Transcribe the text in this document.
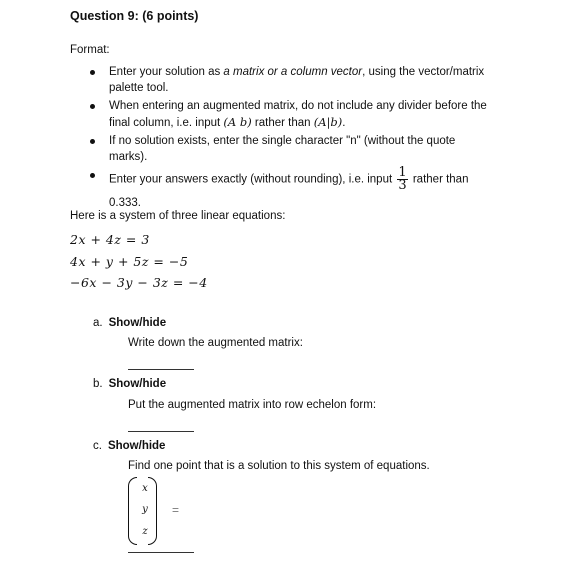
Question 9: (6 points)
Format:
Enter your solution as a matrix or a column vector, using the vector/matrix palette tool.
When entering an augmented matrix, do not include any divider before the final column, i.e. input (A b) rather than (A|b).
If no solution exists, enter the single character "n" (without the quote marks).
Enter your answers exactly (without rounding), i.e. input $\frac{1}{3}$ rather than
0.333.
Here is a system of three linear equations:
2x + 4z = 3
4x + y + 5z = −5
−6x − 3y − 3z = −4
a. Show/hide
Write down the augmented matrix:
b. Show/hide
Put the augmented matrix into row echelon form:
c. Show/hide
Find one point that is a solution to this system of equations.
x
y
z
=
